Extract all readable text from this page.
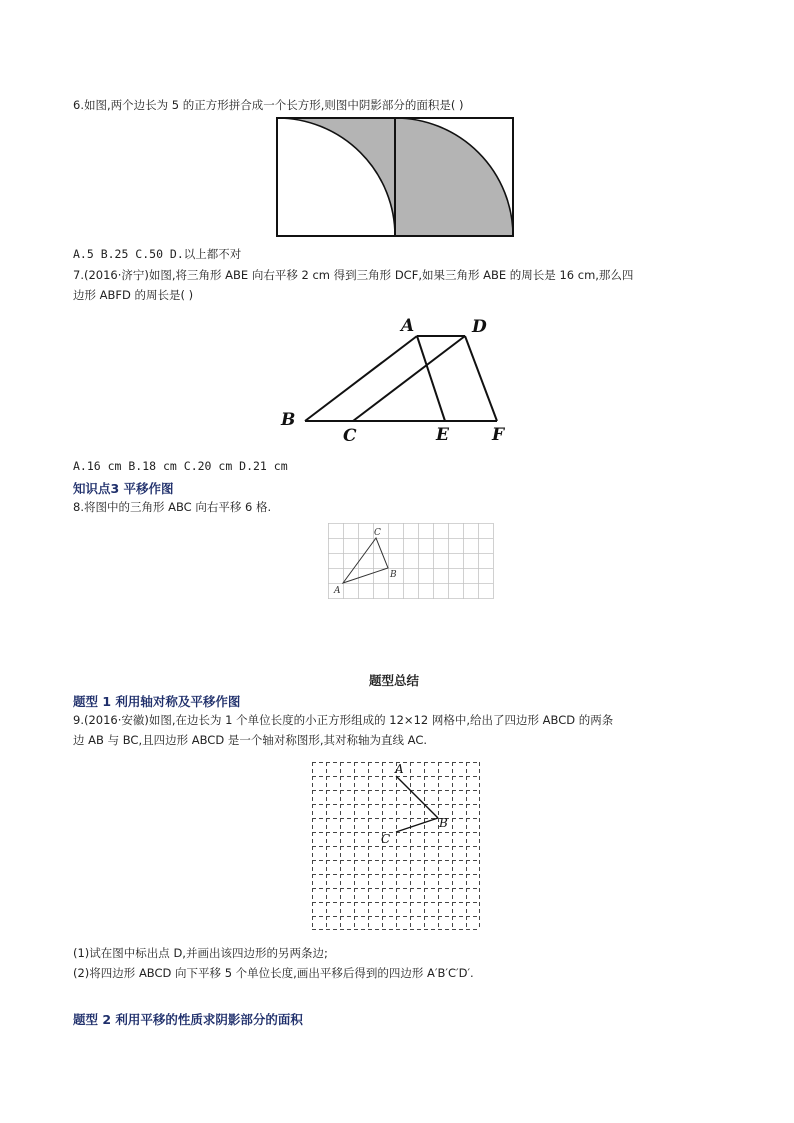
6.如图,两个边长为 5 的正方形拼合成一个长方形,则图中阴影部分的面积是( )
A.5 B.25 C.50 D.以上都不对
7.(2016·济宁)如图,将三角形 ABE 向右平移 2 cm 得到三角形 DCF,如果三角形 ABE 的周长是 16 cm,那么四
边形 ABFD 的周长是( )
A	D
B
C	E	F
A.16 cm B.18 cm C.20 cm D.21 cm
知识点3 平移作图
8.将图中的三角形 ABC 向右平移 6 格.
A
C
B
题型总结
题型 1 利用轴对称及平移作图
9.(2016·安徽)如图,在边长为 1 个单位长度的小正方形组成的 12×12 网格中,给出了四边形 ABCD 的两条
边 AB 与 BC,且四边形 ABCD 是一个轴对称图形,其对称轴为直线 AC.
A
B
C
(1)试在图中标出点 D,并画出该四边形的另两条边;
(2)将四边形 ABCD 向下平移 5 个单位长度,画出平移后得到的四边形 A′B′C′D′.
题型 2 利用平移的性质求阴影部分的面积
